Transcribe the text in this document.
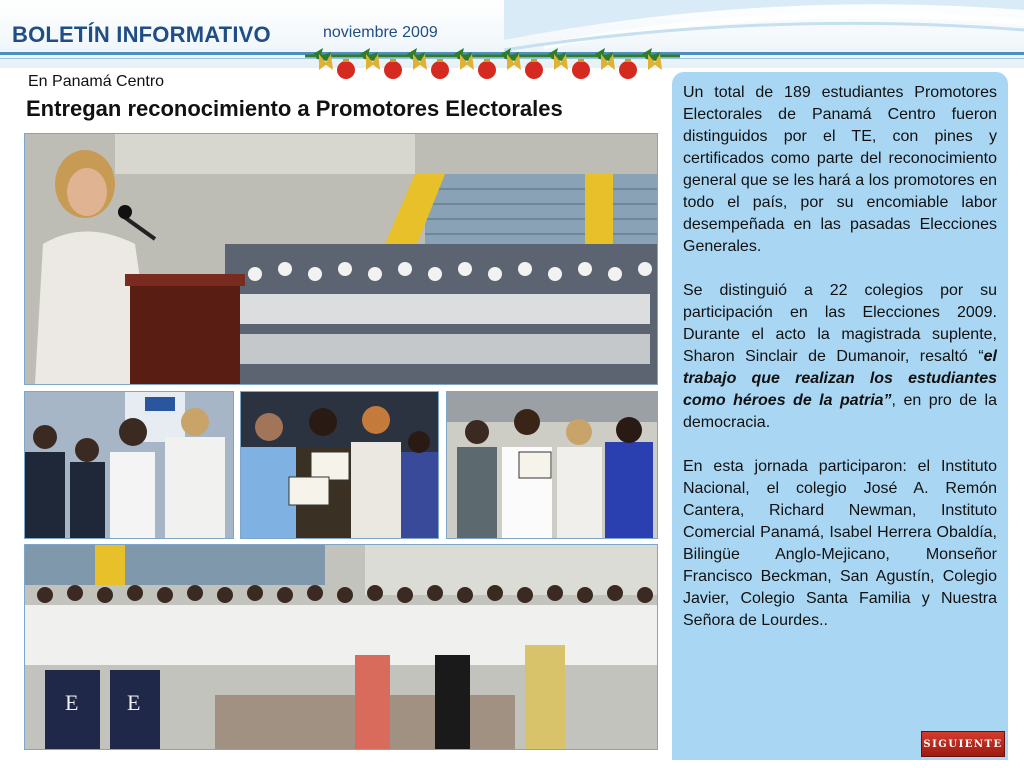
BOLETÍN INFORMATIVO	noviembre 2009
En Panamá Centro
Entregan reconocimiento a Promotores Electorales
E E

Un total de 189 estudiantes Promotores Electorales de Panamá Centro fueron distinguidos por el TE, con pines y certificados como parte del reconocimiento general que se les hará a los promotores en todo el país, por su encomiable labor desempeñada en las pasadas Elecciones Generales.

Se distinguió a 22 colegios por su participación en las Elecciones 2009. Durante el acto la magistrada suplente, Sharon Sinclair de Dumanoir, resaltó “el trabajo que realizan los estudiantes como héroes de la patria”, en pro de la democracia.

En esta jornada participaron: el Instituto Nacional, el colegio José A. Remón Cantera, Richard Newman, Instituto Comercial Panamá, Isabel Herrera Obaldía, Bilingüe Anglo-Mejicano, Monseñor Francisco Beckman, San Agustín, Colegio Javier, Colegio Santa Familia y Nuestra Señora de Lourdes..

SIGUIENTE
